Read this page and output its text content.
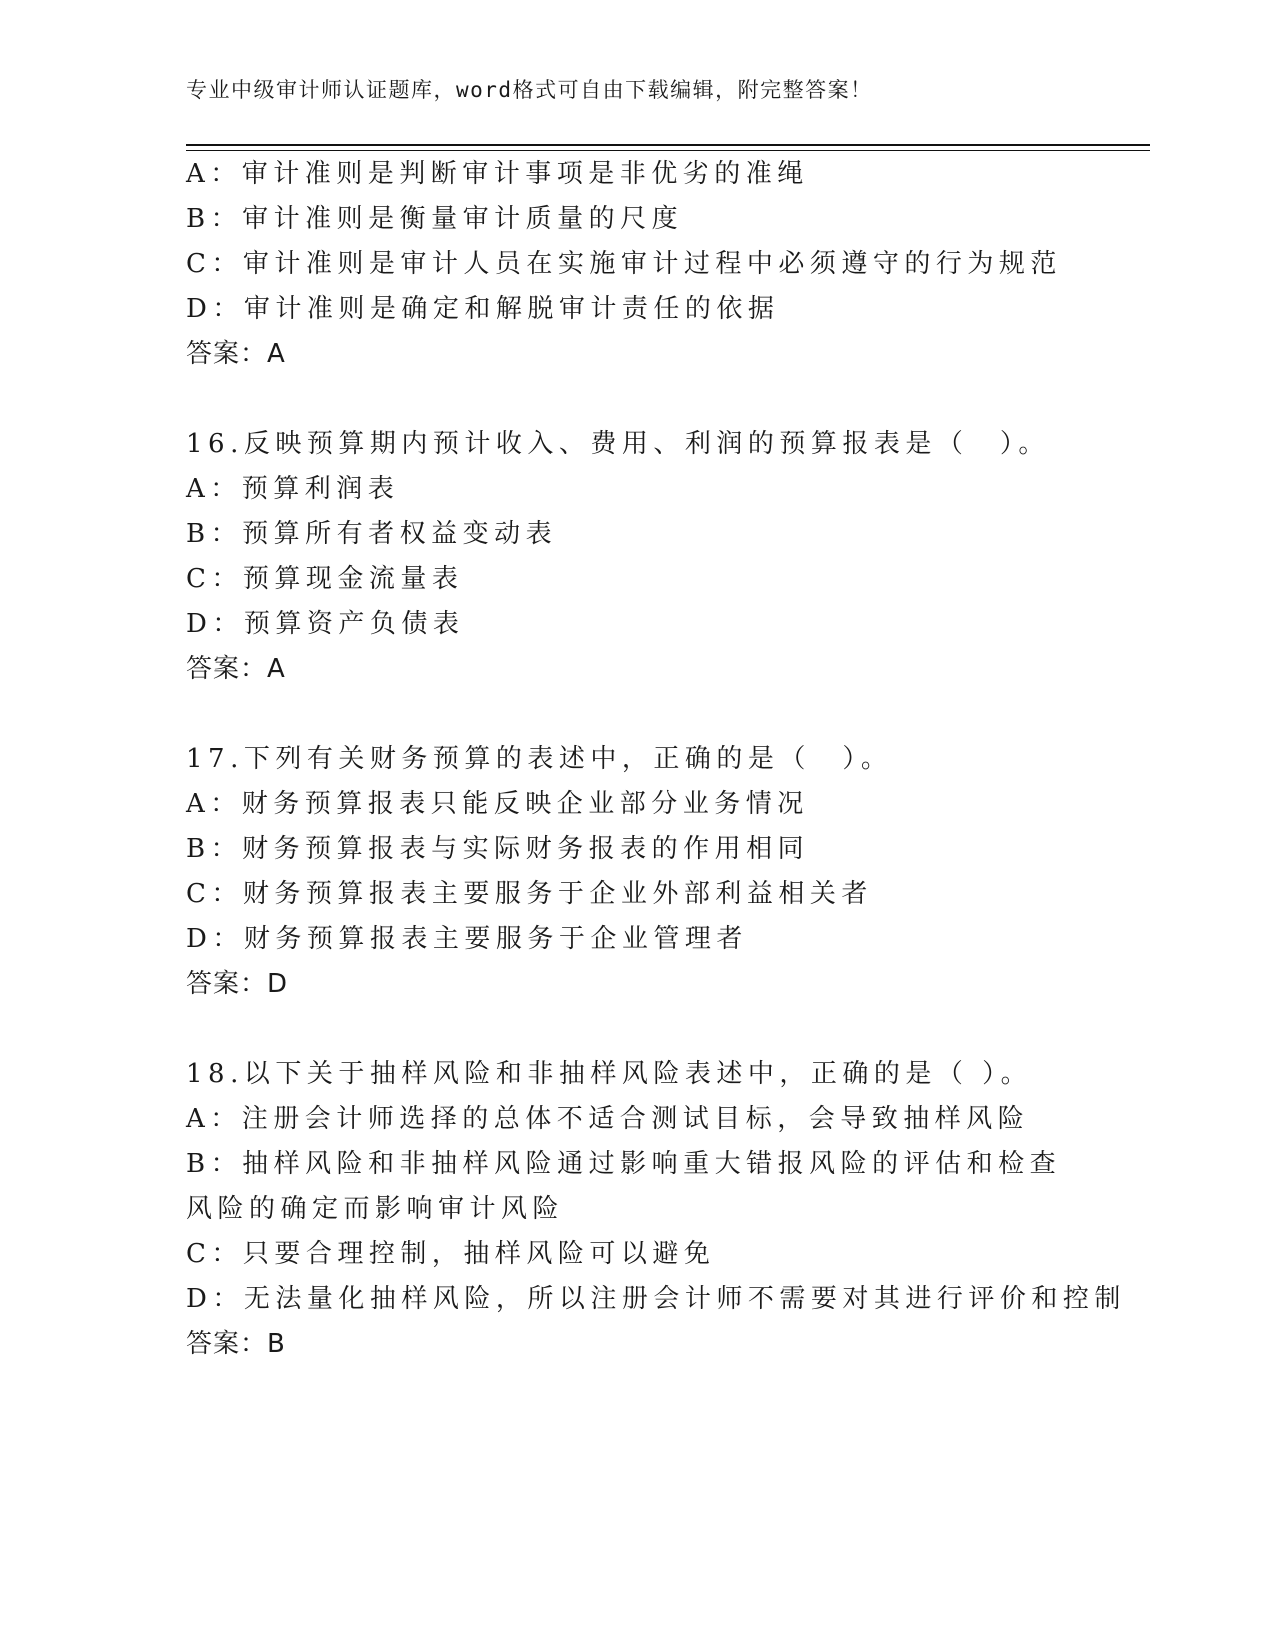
专业中级审计师认证题库，word格式可自由下载编辑，附完整答案！
A：审计准则是判断审计事项是非优劣的准绳
B：审计准则是衡量审计质量的尺度
C：审计准则是审计人员在实施审计过程中必须遵守的行为规范
D：审计准则是确定和解脱审计责任的依据
答案：A
16.反映预算期内预计收入、费用、利润的预算报表是（　）。
A：预算利润表
B：预算所有者权益变动表
C：预算现金流量表
D：预算资产负债表
答案：A
17.下列有关财务预算的表述中，正确的是（　）。
A：财务预算报表只能反映企业部分业务情况
B：财务预算报表与实际财务报表的作用相同
C：财务预算报表主要服务于企业外部利益相关者
D：财务预算报表主要服务于企业管理者
答案：D
18.以下关于抽样风险和非抽样风险表述中，正确的是（ ）。
A：注册会计师选择的总体不适合测试目标，会导致抽样风险
B：抽样风险和非抽样风险通过影响重大错报风险的评估和检查风险的确定而影响审计风险
C：只要合理控制，抽样风险可以避免
D：无法量化抽样风险，所以注册会计师不需要对其进行评价和控制
答案：B
